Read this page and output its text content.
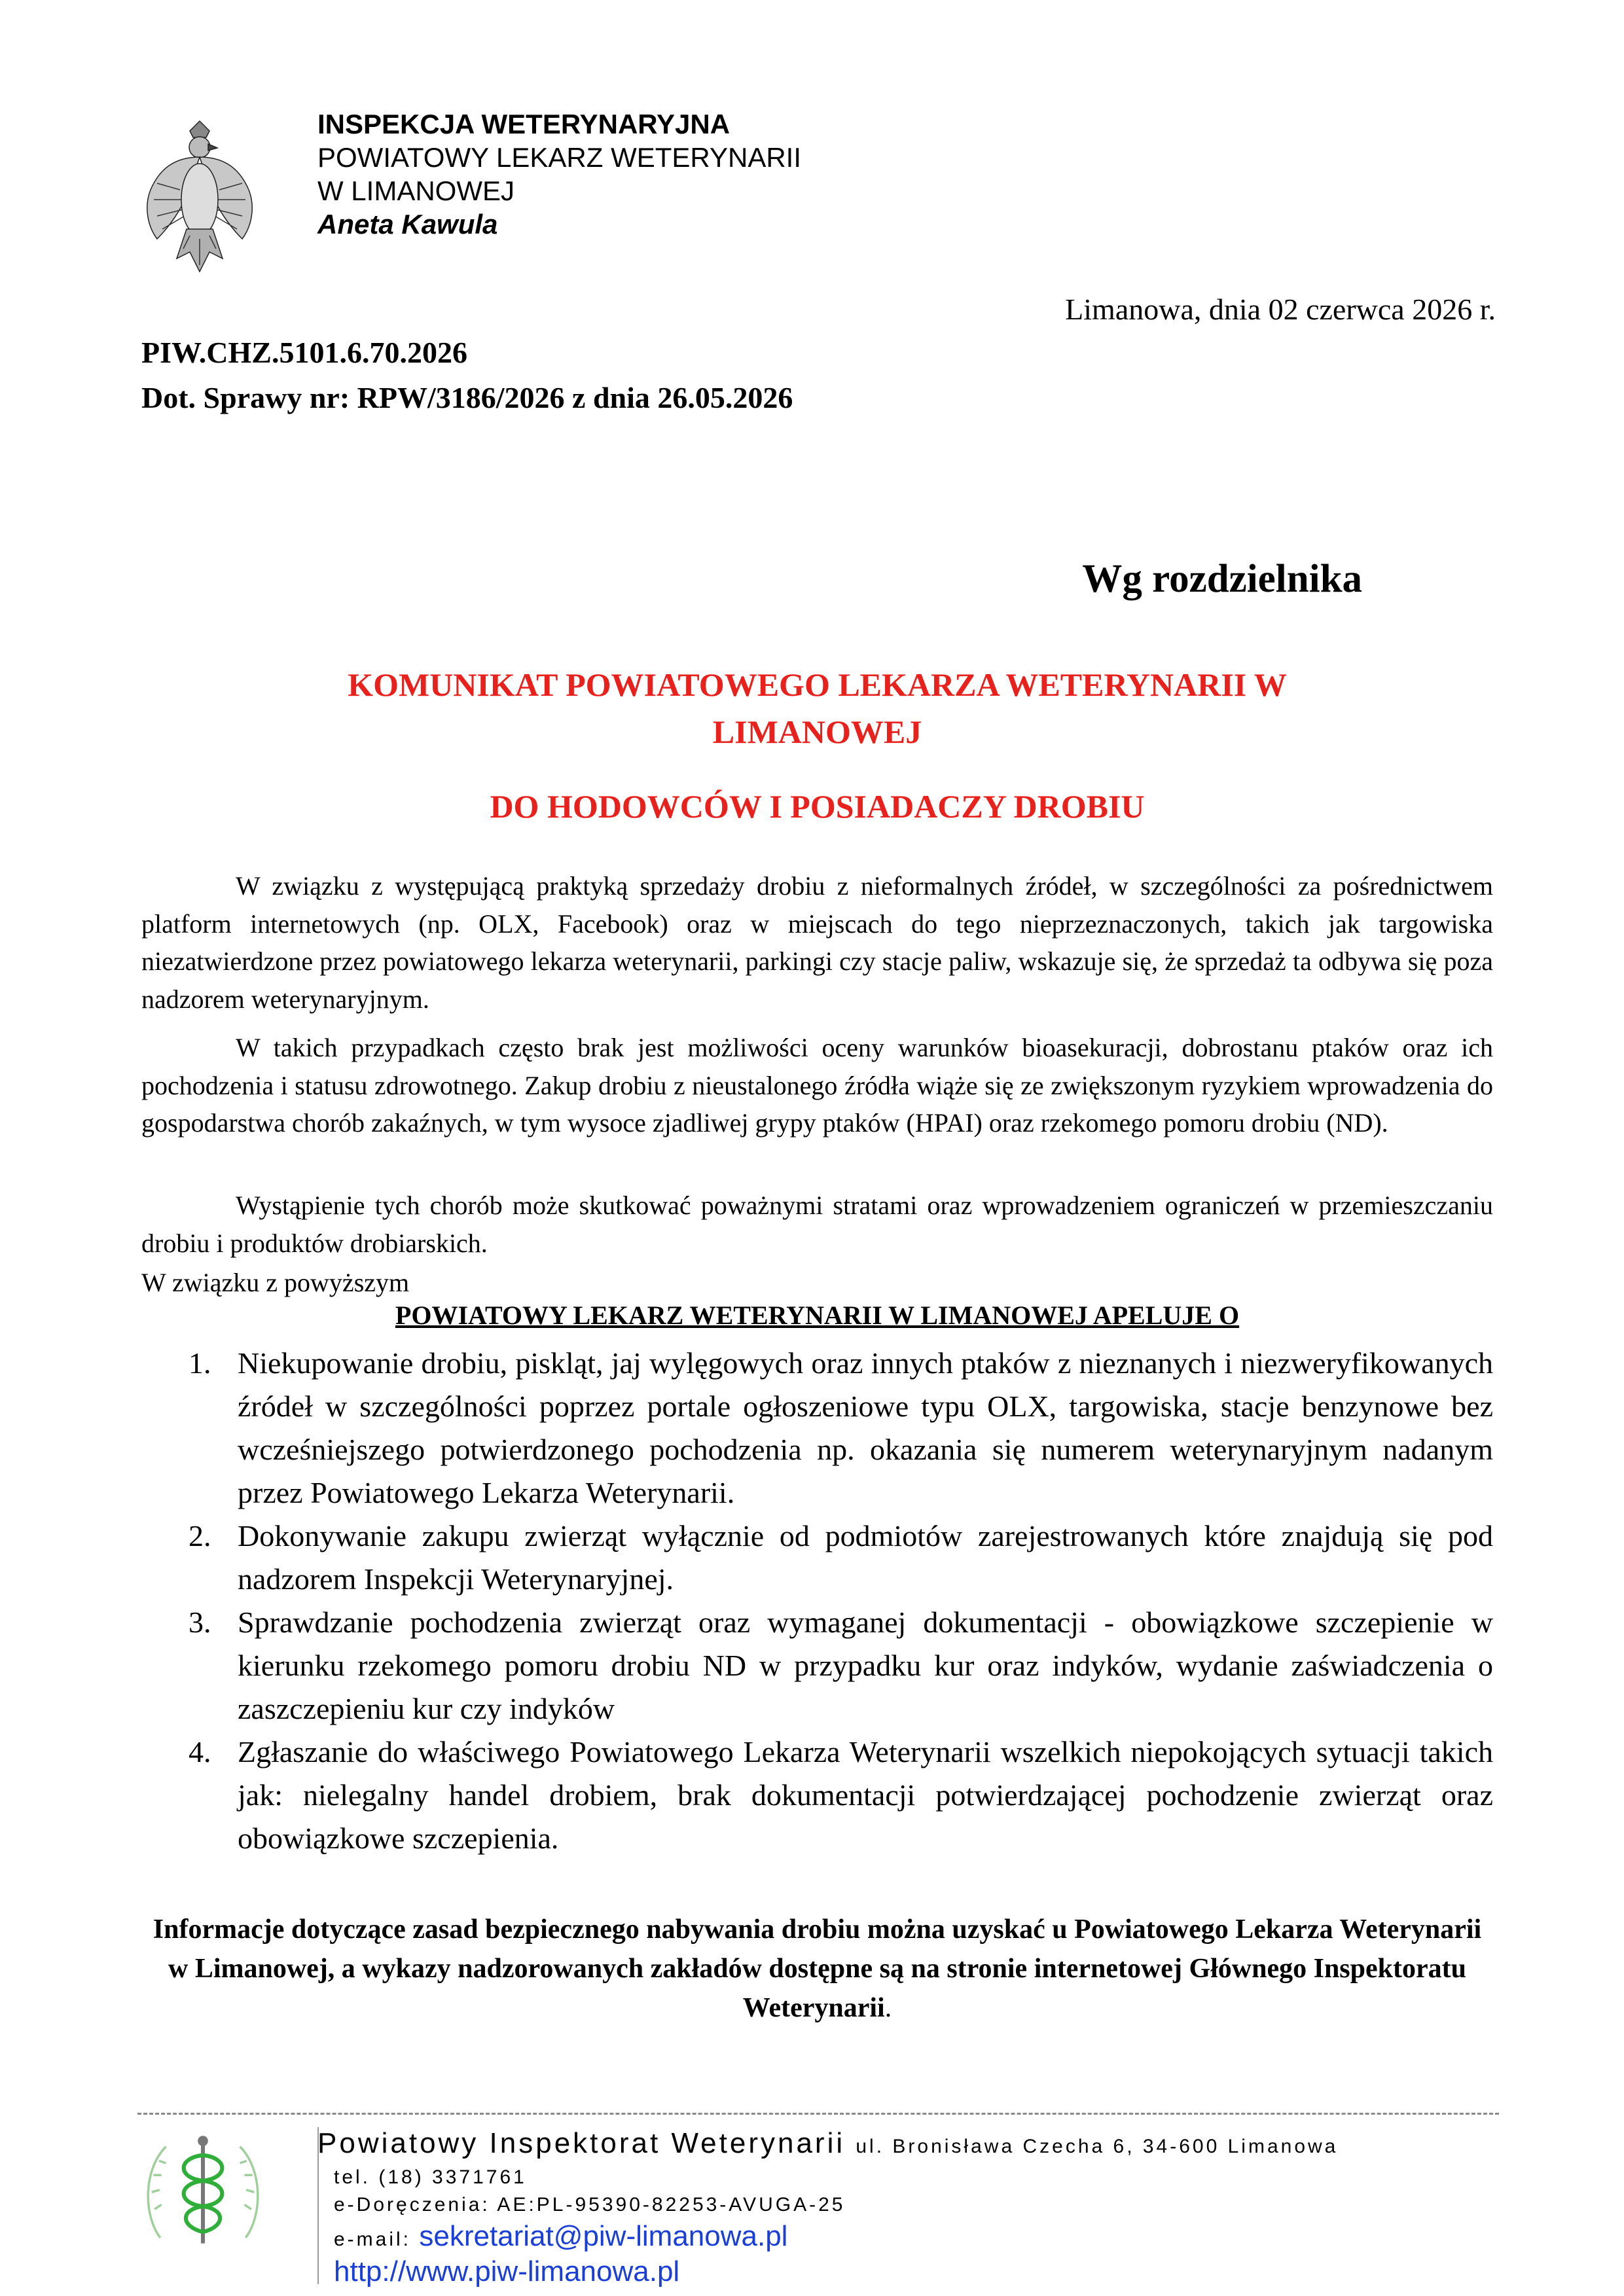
INSPEKCJA WETERYNARYJNA
POWIATOWY LEKARZ WETERYNARII
W LIMANOWEJ
Aneta Kawula
Limanowa, dnia 02 czerwca 2026 r.
PIW.CHZ.5101.6.70.2026
Dot. Sprawy nr: RPW/3186/2026 z dnia 26.05.2026
Wg rozdzielnika
KOMUNIKAT POWIATOWEGO LEKARZA WETERYNARII W
LIMANOWEJ
DO HODOWCÓW I POSIADACZY DROBIU

W związku z występującą praktyką sprzedaży drobiu z nieformalnych źródeł, w szczególności za pośrednictwem platform internetowych (np. OLX, Facebook) oraz w miejscach do tego nieprzeznaczonych, takich jak targowiska niezatwierdzone przez powiatowego lekarza weterynarii, parkingi czy stacje paliw, wskazuje się, że sprzedaż ta odbywa się poza nadzorem weterynaryjnym.

W takich przypadkach często brak jest możliwości oceny warunków bioasekuracji, dobrostanu ptaków oraz ich pochodzenia i statusu zdrowotnego. Zakup drobiu z nieustalonego źródła wiąże się ze zwiększonym ryzykiem wprowadzenia do gospodarstwa chorób zakaźnych, w tym wysoce zjadliwej grypy ptaków (HPAI) oraz rzekomego pomoru drobiu (ND).

Wystąpienie tych chorób może skutkować poważnymi stratami oraz wprowadzeniem ograniczeń w przemieszczaniu drobiu i produktów drobiarskich.

W związku z powyższym
POWIATOWY LEKARZ WETERYNARII W LIMANOWEJ APELUJE O
1. Niekupowanie drobiu, piskląt, jaj wylęgowych oraz innych ptaków z nieznanych i niezweryfikowanych źródeł w szczególności poprzez portale ogłoszeniowe typu OLX, targowiska, stacje benzynowe bez wcześniejszego potwierdzonego pochodzenia np. okazania się numerem weterynaryjnym nadanym przez Powiatowego Lekarza Weterynarii.
2. Dokonywanie zakupu zwierząt wyłącznie od podmiotów zarejestrowanych które znajdują się pod nadzorem Inspekcji Weterynaryjnej.
3. Sprawdzanie pochodzenia zwierząt oraz wymaganej dokumentacji - obowiązkowe szczepienie w kierunku rzekomego pomoru drobiu ND w przypadku kur oraz indyków, wydanie zaświadczenia o zaszczepieniu kur czy indyków
4. Zgłaszanie do właściwego Powiatowego Lekarza Weterynarii wszelkich niepokojących sytuacji takich jak: nielegalny handel drobiem, brak dokumentacji potwierdzającej pochodzenie zwierząt oraz obowiązkowe szczepienia.
Informacje dotyczące zasad bezpiecznego nabywania drobiu można uzyskać u Powiatowego Lekarza Weterynarii w Limanowej, a wykazy nadzorowanych zakładów dostępne są na stronie internetowej Głównego Inspektoratu Weterynarii.
Powiatowy Inspektorat Weterynarii ul. Bronisława Czecha 6, 34-600 Limanowa
tel. (18) 3371761
e-Doręczenia: AE:PL-95390-82253-AVUGA-25
e-mail: sekretariat@piw-limanowa.pl
http://www.piw-limanowa.pl
